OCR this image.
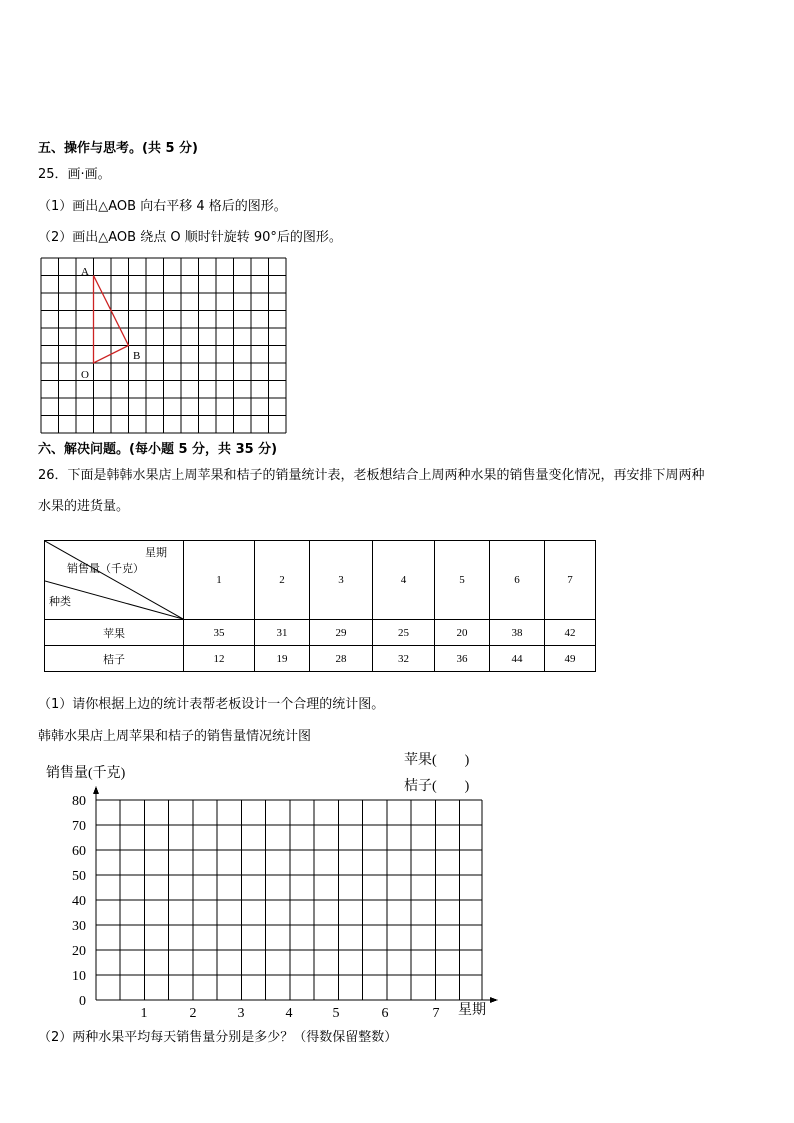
五、操作与思考。(共 5 分)
25．画·画。
（1）画出△AOB 向右平移 4 格后的图形。
（2）画出△AOB 绕点 O 顺时针旋转 90°后的图形。
A
B
O
六、解决问题。(每小题 5 分，共 35 分)
26．下面是韩韩水果店上周苹果和桔子的销量统计表，老板想结合上周两种水果的销售量变化情况，再安排下周两种
水果的进货量。
星期
销售量（千克）
种类	1	2	3	4	5	6	7
苹果	35	31	29	25	20	38	42
桔子	12	19	28	32	36	44	49
（1）请你根据上边的统计表帮老板设计一个合理的统计图。
韩韩水果店上周苹果和桔子的销售量情况统计图
销售量(千克)
苹果(　　)
桔子(　　)
星期
0
10
20
30
40
50
60
70
80
1	2	3	4	5	6	7
（2）两种水果平均每天销售量分别是多少？（得数保留整数）
